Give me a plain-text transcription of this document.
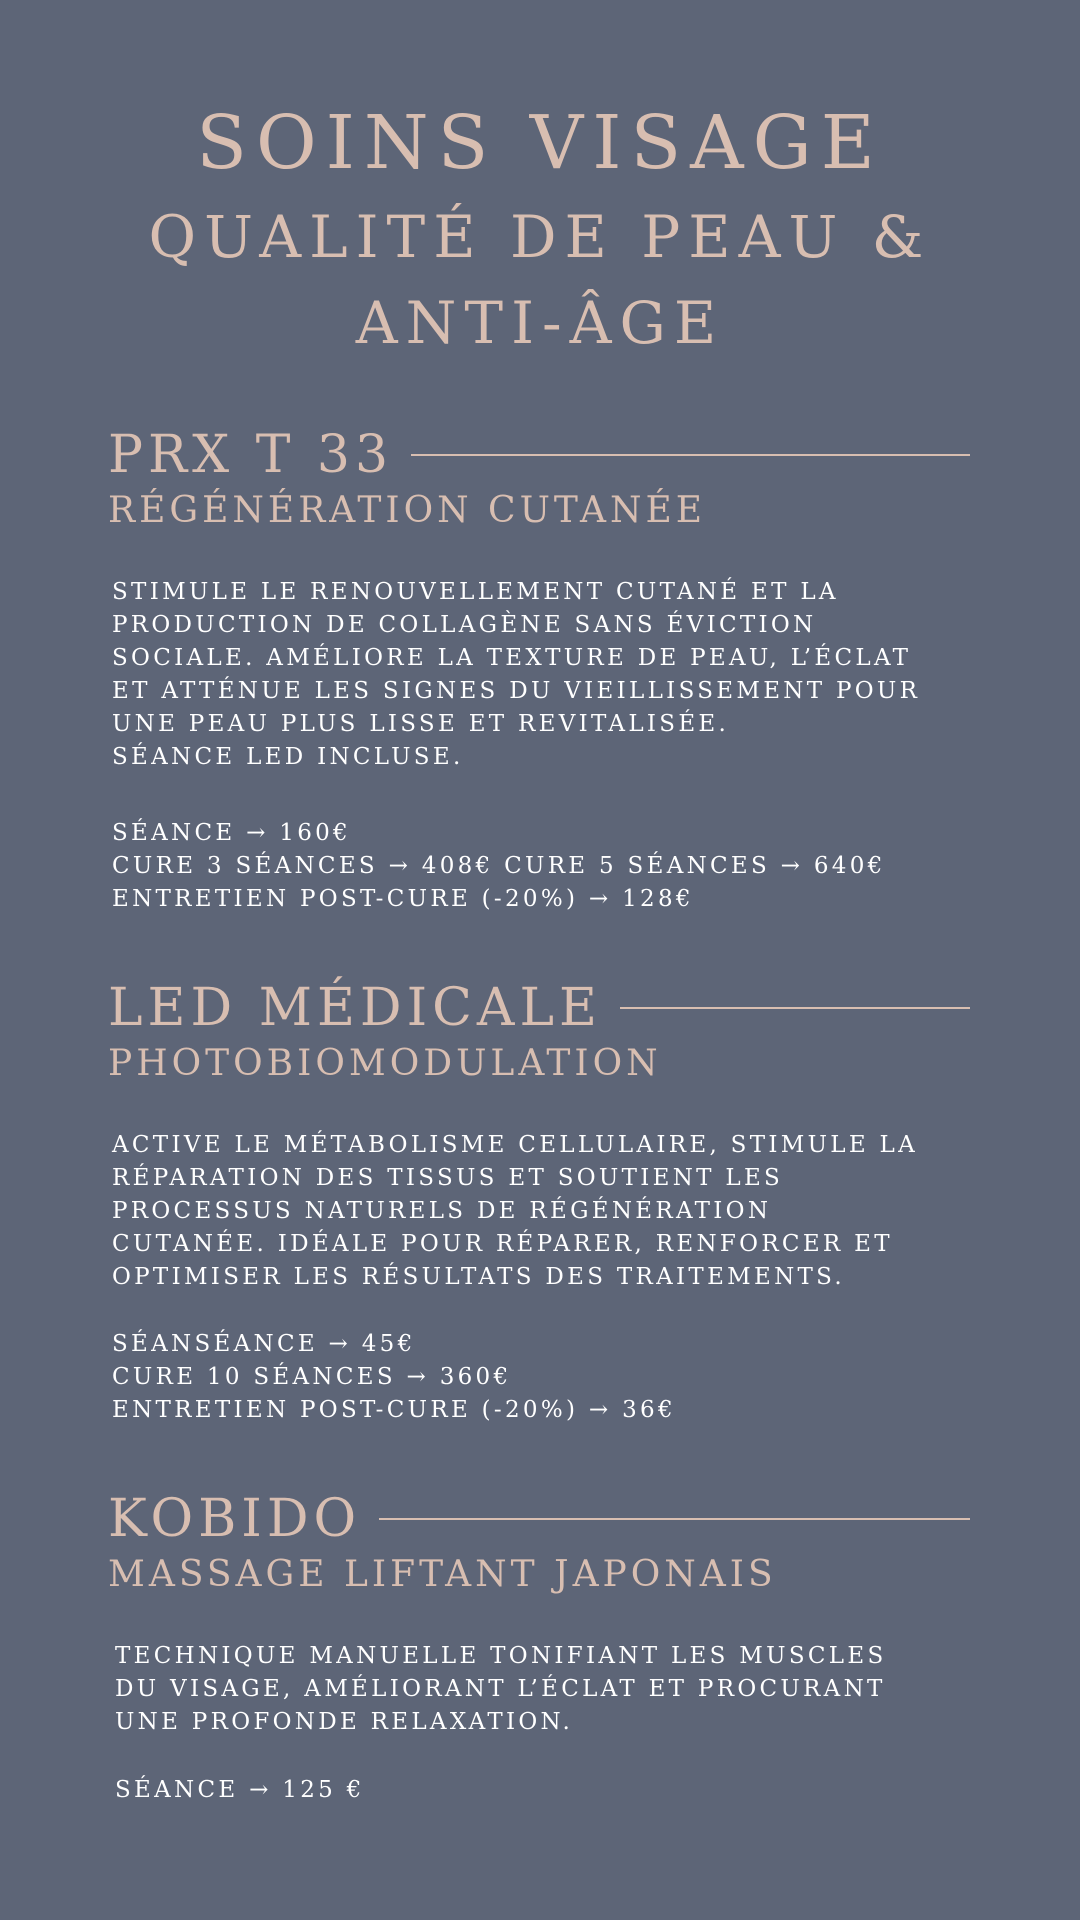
SOINS VISAGE
QUALITÉ DE PEAU &
ANTI-ÂGE
PRX T 33
RÉGÉNÉRATION CUTANÉE
STIMULE LE RENOUVELLEMENT CUTANÉ ET LA
PRODUCTION DE COLLAGÈNE SANS ÉVICTION
SOCIALE. AMÉLIORE LA TEXTURE DE PEAU, L’ÉCLAT
ET ATTÉNUE LES SIGNES DU VIEILLISSEMENT POUR
UNE PEAU PLUS LISSE ET REVITALISÉE.
SÉANCE LED INCLUSE.
SÉANCE → 160€
CURE 3 SÉANCES → 408€ CURE 5 SÉANCES → 640€
ENTRETIEN POST-CURE (-20%) → 128€
LED MÉDICALE
PHOTOBIOMODULATION
ACTIVE LE MÉTABOLISME CELLULAIRE, STIMULE LA
RÉPARATION DES TISSUS ET SOUTIENT LES
PROCESSUS NATURELS DE RÉGÉNÉRATION
CUTANÉE. IDÉALE POUR RÉPARER, RENFORCER ET
OPTIMISER LES RÉSULTATS DES TRAITEMENTS.
SÉANSÉANCE → 45€
CURE 10 SÉANCES → 360€
ENTRETIEN POST-CURE (-20%) → 36€
KOBIDO
MASSAGE LIFTANT JAPONAIS
TECHNIQUE MANUELLE TONIFIANT LES MUSCLES
DU VISAGE, AMÉLIORANT L’ÉCLAT ET PROCURANT
UNE PROFONDE RELAXATION.
SÉANCE → 125 €
